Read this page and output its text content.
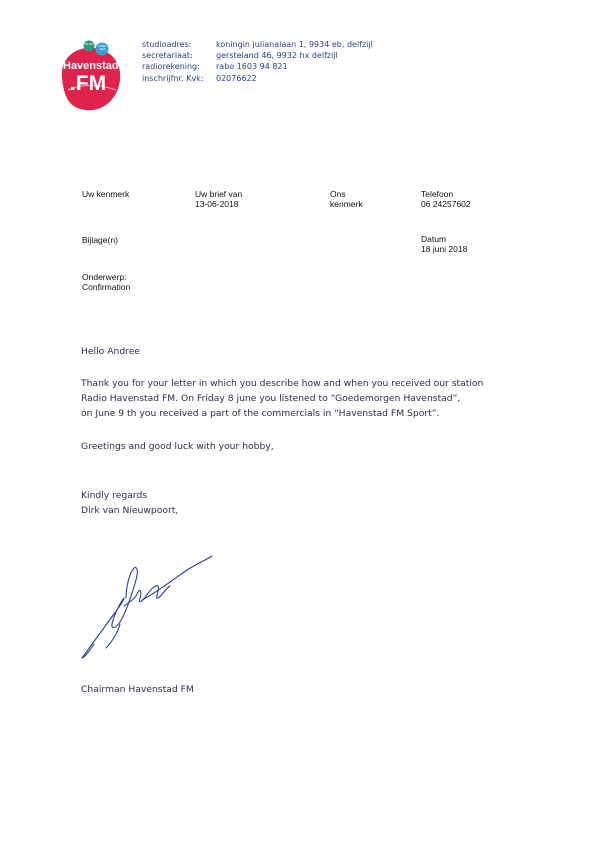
FM 105.4
KABEL 102.5
Havenstad
.FM
studioadres:
secretariaat:
radiorekening:
inschrijfnr. Kvk:
koningin julianalaan 1, 9934 eb, delfzijl
gersteland 46, 9932 hx delfzijl
rabo 1603 94 821
02076622
Uw kenmerk	Uw brief van
13-06-2018
Ons
kenmerk
Telefoon
06 24257602
Bijlage(n)	Datum
18 juni 2018
Onderwerp:
Confirmation
Hello Andree
Thank you for your letter in which you describe how and when you received our station
Radio Havenstad FM. On Friday 8 june you listened to “Goedemorgen Havenstad”,
on June 9 th you received a part of the commercials in “Havenstad FM Sport”.
Greetings and good luck with your hobby,
Kindly regards
Dirk van Nieuwpoort,
Chairman Havenstad FM
